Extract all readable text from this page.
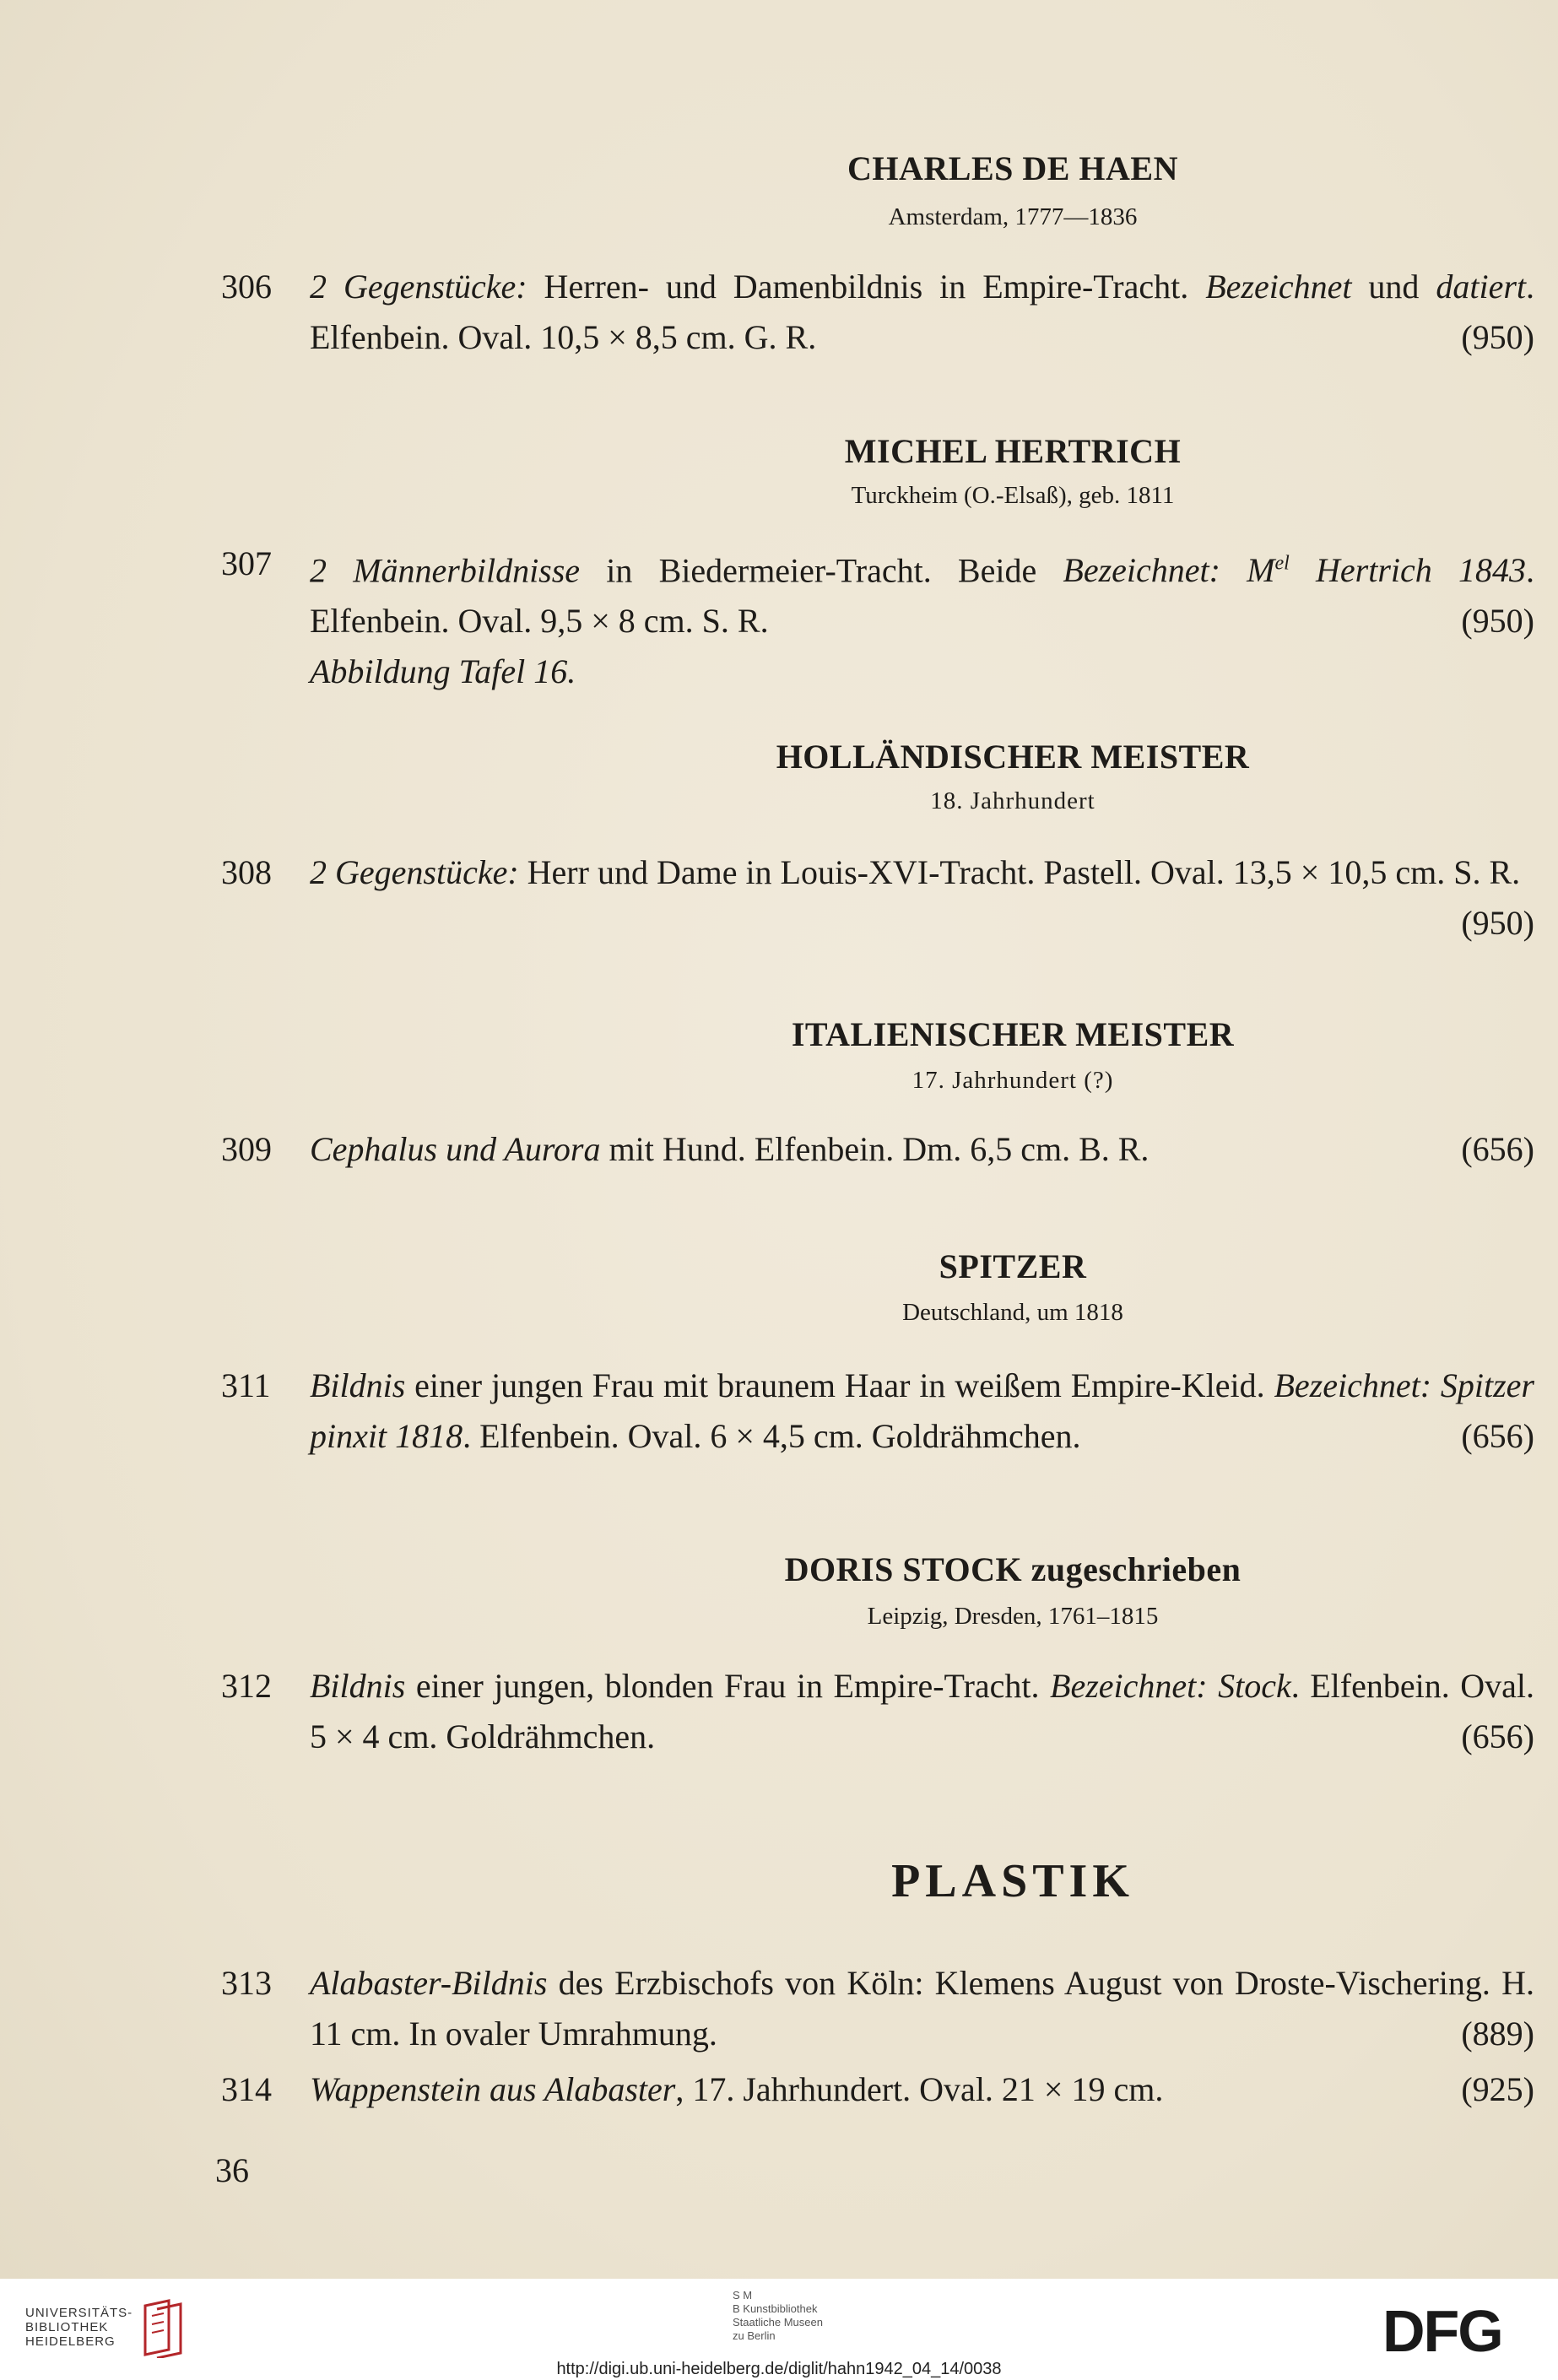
CHARLES DE HAEN
Amsterdam, 1777—1836
306 2 Gegenstücke: Herren- und Damenbildnis in Empire-Tracht. Bezeichnet und datiert. Elfenbein. Oval. 10,5 × 8,5 cm. G. R.	(950)
MICHEL HERTRICH
Turckheim (O.-Elsaß), geb. 1811
307 2 Männerbildnisse in Biedermeier-Tracht. Beide Bezeichnet: $M^{el}$ Hertrich 1843. Elfenbein. Oval. 9,5 × 8 cm. S. R.	(950)

Abbildung Tafel 16.
HOLLÄNDISCHER MEISTER
18. Jahrhundert
308 2 Gegenstücke: Herr und Dame in Louis-XVI-Tracht. Pastell. Oval. 13,5 × 10,5 cm. S. R.
(950)
ITALIENISCHER MEISTER
17. Jahrhundert (?)
309 Cephalus und Aurora mit Hund. Elfenbein. Dm. 6,5 cm. B. R.	(656)
SPITZER
Deutschland, um 1818
311 Bildnis einer jungen Frau mit braunem Haar in weißem Empire-Kleid. Bezeichnet: Spitzer pinxit 1818. Elfenbein. Oval. 6 × 4,5 cm. Goldrähmchen.	(656)
DORIS STOCK zugeschrieben
Leipzig, Dresden, 1761–1815
312 Bildnis einer jungen, blonden Frau in Empire-Tracht. Bezeichnet: Stock. Elfenbein. Oval. 5 × 4 cm. Goldrähmchen.	(656)
PLASTIK
313 Alabaster-Bildnis des Erzbischofs von Köln: Klemens August von Droste-Vischering. H. 11 cm. In ovaler Umrahmung.	(889)
314 Wappenstein aus Alabaster, 17. Jahrhundert. Oval. 21 × 19 cm.	(925)
36
UNIVERSITÄTS-
BIBLIOTHEK
HEIDELBERG
S M
B Kunstbibliothek
Staatliche Museen
zu Berlin	DFG
http://digi.ub.uni-heidelberg.de/diglit/hahn1942_04_14/0038
